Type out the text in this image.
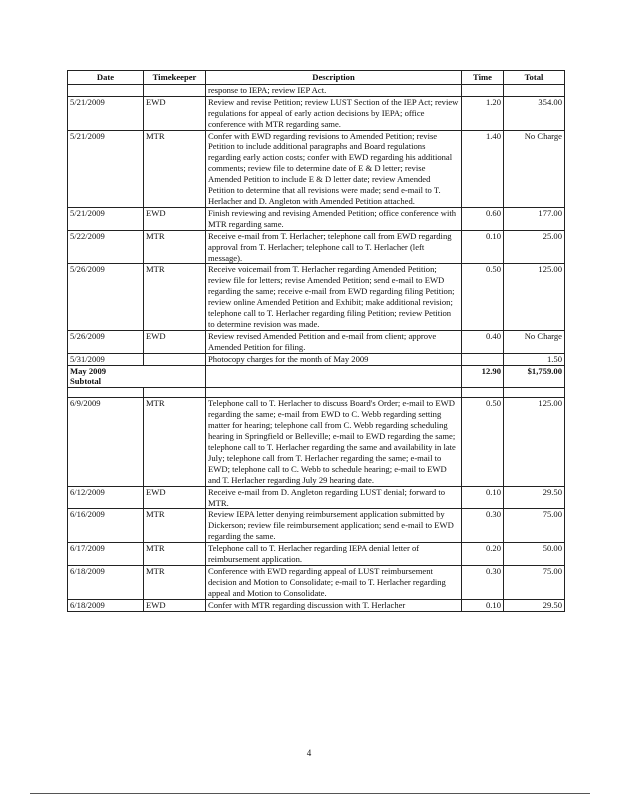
Date	Timekeeper	Description	Time	Total
		response to IEPA; review IEP Act.		
5/21/2009	EWD	Review and revise Petition; review LUST Section of the IEP Act; review regulations for appeal of early action decisions by IEPA; office conference with MTR regarding same.	1.20	354.00
5/21/2009	MTR	Confer with EWD regarding revisions to Amended Petition; revise Petition to include additional paragraphs and Board regulations regarding early action costs; confer with EWD regarding his additional comments; review file to determine date of E & D letter; revise Amended Petition to include E & D letter date; review Amended Petition to determine that all revisions were made; send e-mail to T. Herlacher and D. Angleton with Amended Petition attached.	1.40	No Charge
5/21/2009	EWD	Finish reviewing and revising Amended Petition; office conference with MTR regarding same.	0.60	177.00
5/22/2009	MTR	Receive e-mail from T. Herlacher; telephone call from EWD regarding approval from T. Herlacher; telephone call to T. Herlacher (left message).	0.10	25.00
5/26/2009	MTR	Receive voicemail from T. Herlacher regarding Amended Petition; review file for letters; revise Amended Petition; send e-mail to EWD regarding the same; receive e-mail from EWD regarding filing Petition; review online Amended Petition and Exhibit; make additional revision; telephone call to T. Herlacher regarding filing Petition; review Petition to determine revision was made.	0.50	125.00
5/26/2009	EWD	Review revised Amended Petition and e-mail from client; approve Amended Petition for filing.	0.40	No Charge
5/31/2009		Photocopy charges for the month of May 2009		1.50
May 2009
Subtotal			12.90	$1,759.00

6/9/2009	MTR	Telephone call to T. Herlacher to discuss Board's Order; e-mail to EWD regarding the same; e-mail from EWD to C. Webb regarding setting matter for hearing; telephone call from C. Webb regarding scheduling hearing in Springfield or Belleville; e-mail to EWD regarding the same; telephone call to T. Herlacher regarding the same and availability in late July; telephone call from T. Herlacher regarding the same; e-mail to EWD; telephone call to C. Webb to schedule hearing; e-mail to EWD and T. Herlacher regarding July 29 hearing date.	0.50	125.00
6/12/2009	EWD	Receive e-mail from D. Angleton regarding LUST denial; forward to MTR.	0.10	29.50
6/16/2009	MTR	Review IEPA letter denying reimbursement application submitted by Dickerson; review file reimbursement application; send e-mail to EWD regarding the same.	0.30	75.00
6/17/2009	MTR	Telephone call to T. Herlacher regarding IEPA denial letter of reimbursement application.	0.20	50.00
6/18/2009	MTR	Conference with EWD regarding appeal of LUST reimbursement decision and Motion to Consolidate; e-mail to T. Herlacher regarding appeal and Motion to Consolidate.	0.30	75.00
6/18/2009	EWD	Confer with MTR regarding discussion with T. Herlacher	0.10	29.50
4
